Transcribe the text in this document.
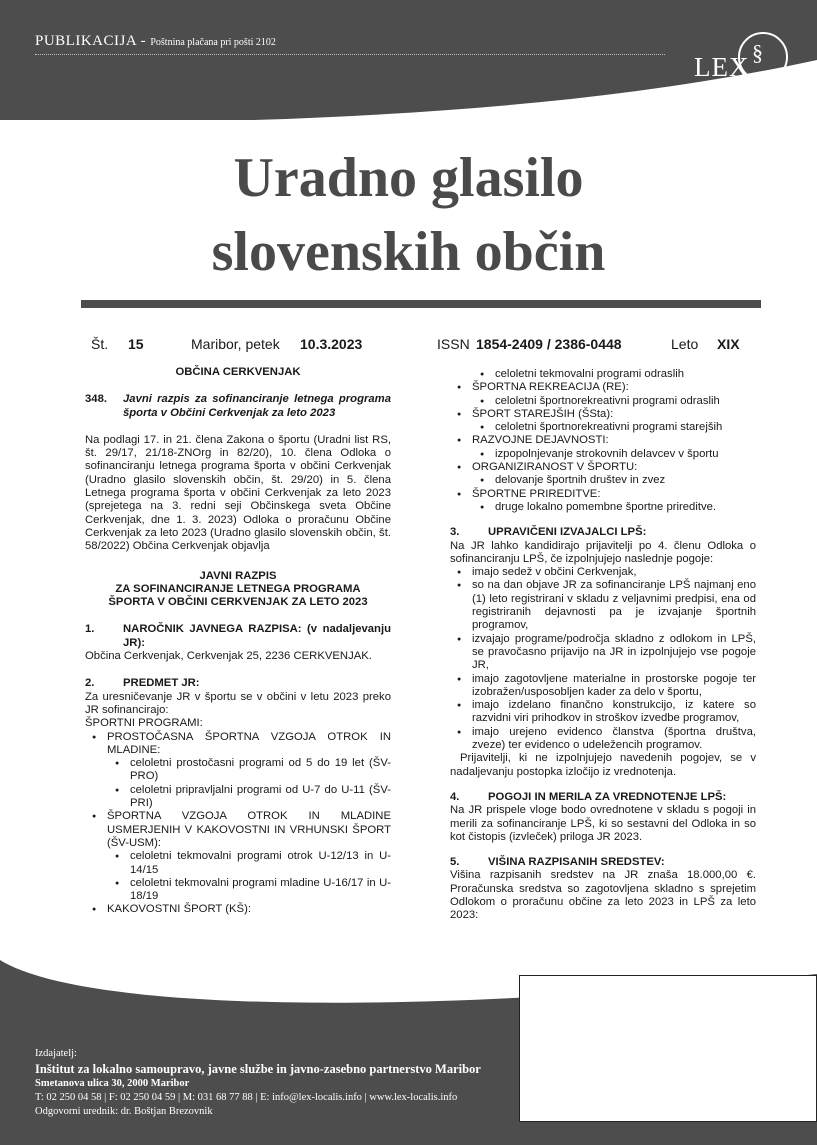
PUBLIKACIJA - Poštnina plačana pri pošti 2102	§
LEX
LOCALIS
Uradno glasilo
slovenskih občin
Št. 15	Maribor, petek 10.3.2023	ISSN 1854-2409 / 2386-0448	Leto XIX

OBČINA CERKVENJAK

348.	Javni razpis za sofinanciranje letnega programa športa v Občini Cerkvenjak za leto 2023

Na podlagi 17. in 21. člena Zakona o športu (Uradni list RS, št. 29/17, 21/18-ZNOrg in 82/20), 10. člena Odloka o sofinanciranju letnega programa športa v občini Cerkvenjak (Uradno glasilo slovenskih občin, št. 29/20) in 5. člena Letnega programa športa v občini Cerkvenjak za leto 2023 (sprejetega na 3. redni seji Občinskega sveta Občine Cerkvenjak, dne 1. 3. 2023) Odloka o proračunu Občine Cerkvenjak za leto 2023 (Uradno glasilo slovenskih občin, št. 58/2022) Občina Cerkvenjak objavlja

JAVNI RAZPIS

ZA SOFINANCIRANJE LETNEGA PROGRAMA

ŠPORTA V OBČINI CERKVENJAK ZA LETO 2023

1.	NAROČNIK JAVNEGA RAZPISA: (v nadaljevanju JR):

Občina Cerkvenjak, Cerkvenjak 25, 2236 CERKVENJAK.

2.	PREDMET JR:

Za uresničevanje JR v športu se v občini v letu 2023 preko JR sofinancirajo:

ŠPORTNI PROGRAMI:

● PROSTOČASNA ŠPORTNA VZGOJA OTROK IN MLADINE:

● celoletni prostočasni programi od 5 do 19 let (ŠV-PRO)

● celoletni pripravljalni programi od U-7 do U-11 (ŠV-PRI)

● ŠPORTNA VZGOJA OTROK IN MLADINE USMERJENIH V KAKOVOSTNI IN VRHUNSKI ŠPORT (ŠV-USM):

● celoletni tekmovalni programi otrok U-12/13 in U-14/15

● celoletni tekmovalni programi mladine U-16/17 in U-18/19

● KAKOVOSTNI ŠPORT (KŠ):

● celoletni tekmovalni programi odraslih

● ŠPORTNA REKREACIJA (RE):

● celoletni športnorekreativni programi odraslih

● ŠPORT STAREJŠIH (ŠSta):

● celoletni športnorekreativni programi starejših

● RAZVOJNE DEJAVNOSTI:

● izpopolnjevanje strokovnih delavcev v športu

● ORGANIZIRANOST V ŠPORTU:

● delovanje športnih društev in zvez

● ŠPORTNE PRIREDITVE:

● druge lokalno pomembne športne prireditve.

3.	UPRAVIČENI IZVAJALCI LPŠ:

Na JR lahko kandidirajo prijavitelji po 4. členu Odloka o sofinanciranju LPŠ, če izpolnjujejo naslednje pogoje:

● imajo sedež v občini Cerkvenjak,

● so na dan objave JR za sofinanciranje LPŠ najmanj eno (1) leto registrirani v skladu z veljavnimi predpisi, ena od registriranih dejavnosti pa je izvajanje športnih programov,

● izvajajo programe/področja skladno z odlokom in LPŠ, se pravočasno prijavijo na JR in izpolnjujejo vse pogoje JR,

● imajo zagotovljene materialne in prostorske pogoje ter izobražen/usposobljen kader za delo v športu,

● imajo izdelano finančno konstrukcijo, iz katere so razvidni viri prihodkov in stroškov izvedbe programov,

● imajo urejeno evidenco članstva (športna društva, zveze) ter evidenco o udeležencih programov.

Prijavitelji, ki ne izpolnjujejo navedenih pogojev, se v nadaljevanju postopka izločijo iz vrednotenja.

4.	POGOJI IN MERILA ZA VREDNOTENJE LPŠ:

Na JR prispele vloge bodo ovrednotene v skladu s pogoji in merili za sofinanciranje LPŠ, ki so sestavni del Odloka in so kot čistopis (izvleček) priloga JR 2023.

5.	VIŠINA RAZPISANIH SREDSTEV:

Višina razpisanih sredstev na JR znaša 18.000,00 €. Proračunska sredstva so zagotovljena skladno s sprejetim Odlokom o proračunu občine za leto 2023 in LPŠ za leto 2023:

Izdajatelj:
Inštitut za lokalno samoupravo, javne službe in javno-zasebno partnerstvo Maribor
Smetanova ulica 30, 2000 Maribor
T: 02 250 04 58 | F: 02 250 04 59 | M: 031 68 77 88 | E: info@lex-localis.info | www.lex-localis.info
Odgovorni urednik: dr. Boštjan Brezovnik
